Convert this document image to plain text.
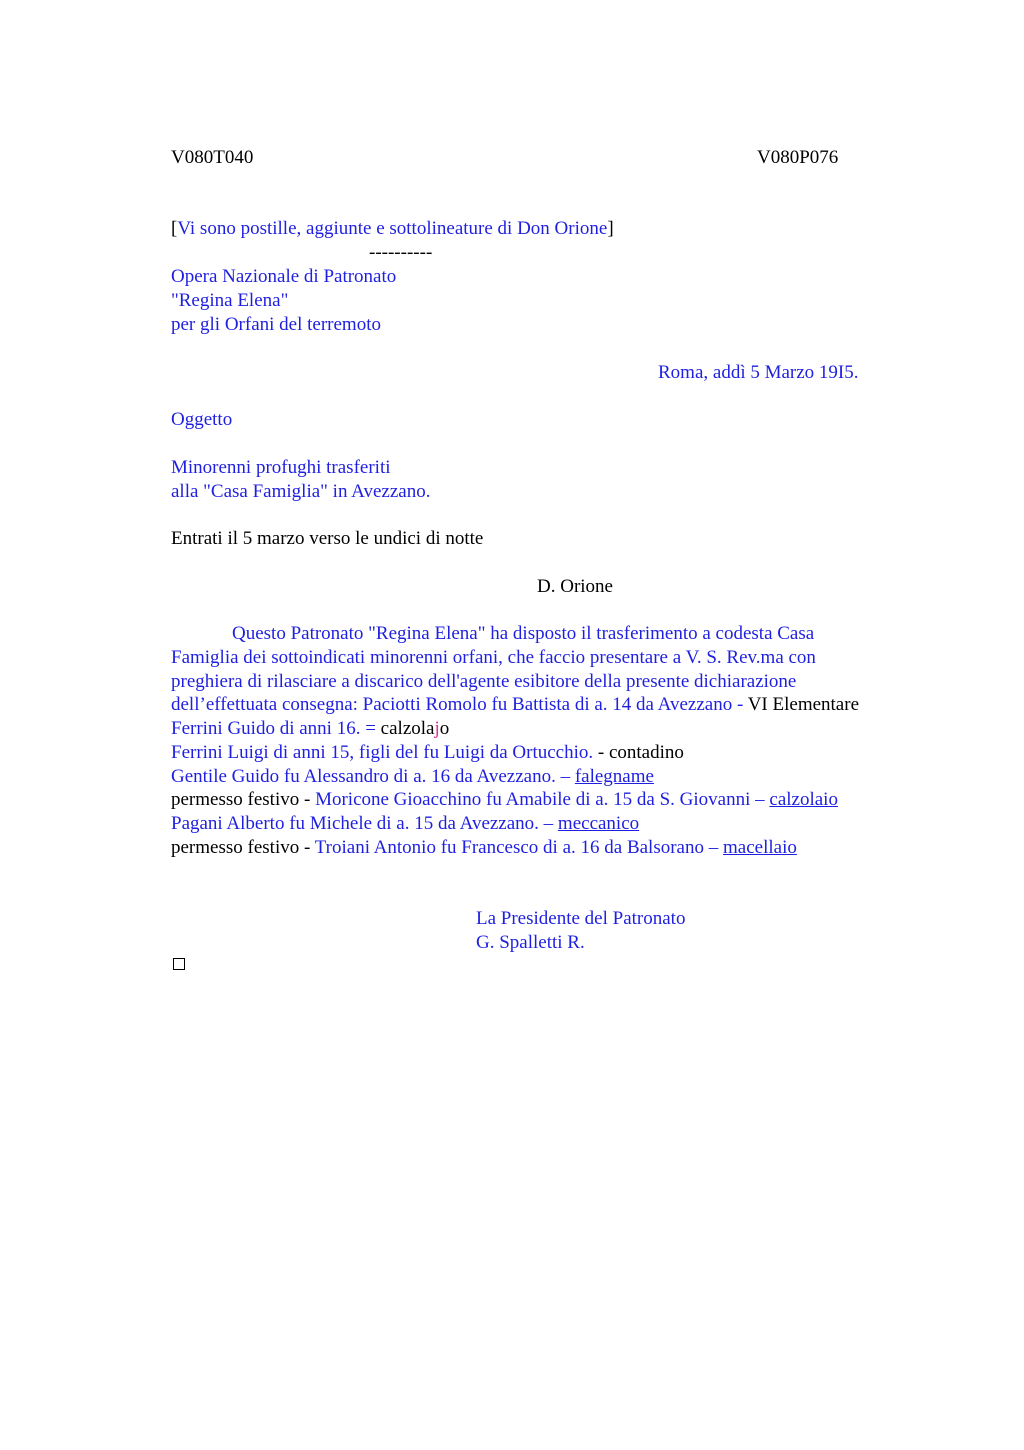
V080T040	V080P076
[Vi sono postille, aggiunte e sottolineature di Don Orione]
----------
Opera Nazionale di Patronato
"Regina Elena"
per gli Orfani del terremoto
Roma, addì 5 Marzo 19I5.
Oggetto
Minorenni profughi trasferiti
alla "Casa Famiglia" in Avezzano.
Entrati il 5 marzo verso le undici di notte
D. Orione
Questo Patronato "Regina Elena" ha disposto il trasferimento a codesta Casa
Famiglia dei sottoindicati minorenni orfani, che faccio presentare a V. S. Rev.ma con
preghiera di rilasciare a discarico dell'agente esibitore della presente dichiarazione
dell’effettuata consegna: Paciotti Romolo fu Battista di a. 14 da Avezzano - VI Elementare
Ferrini Guido di anni 16. = calzolajo
Ferrini Luigi di anni 15, figli del fu Luigi da Ortucchio. - contadino
Gentile Guido fu Alessandro di a. 16 da Avezzano. – falegname
permesso festivo - Moricone Gioacchino fu Amabile di a. 15 da S. Giovanni – calzolaio
Pagani Alberto fu Michele di a. 15 da Avezzano. – meccanico
permesso festivo - Troiani Antonio fu Francesco di a. 16 da Balsorano – macellaio
La Presidente del Patronato
G. Spalletti R.
